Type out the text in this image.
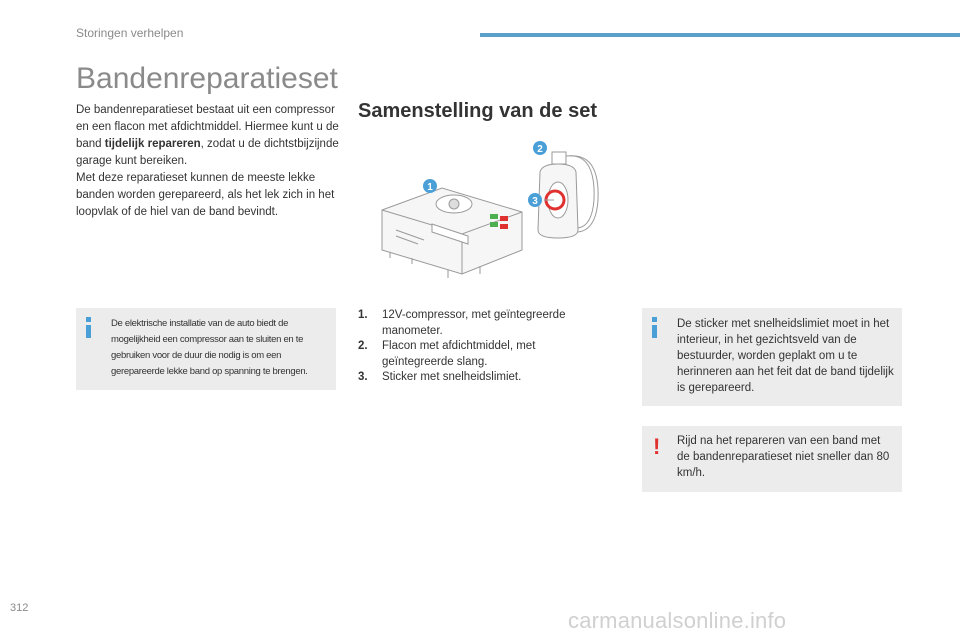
Storingen verhelpen
Bandenreparatieset

De bandenreparatieset bestaat uit een compressor en een flacon met afdichtmiddel. Hiermee kunt u de band tijdelijk repareren, zodat u de dichtstbijzijnde garage kunt bereiken.
Met deze reparatieset kunnen de meeste lekke banden worden gerepareerd, als het lek zich in het loopvlak of de hiel van de band bevindt.

Samenstelling van de set
1
2
3
De elektrische installatie van de auto biedt de mogelijkheid een compressor aan te sluiten en te gebruiken voor de duur die nodig is om een gerepareerde lekke band op spanning te brengen.
1. 12V-compressor, met geïntegreerde manometer.
2. Flacon met afdichtmiddel, met geïntegreerde slang.
3. Sticker met snelheidslimiet.
De sticker met snelheidslimiet moet in het interieur, in het gezichtsveld van de bestuurder, worden geplakt om u te herinneren aan het feit dat de band tijdelijk is gerepareerd.
! Rijd na het repareren van een band met de bandenreparatieset niet sneller dan 80 km/h.
312	carmanualsonline.info
